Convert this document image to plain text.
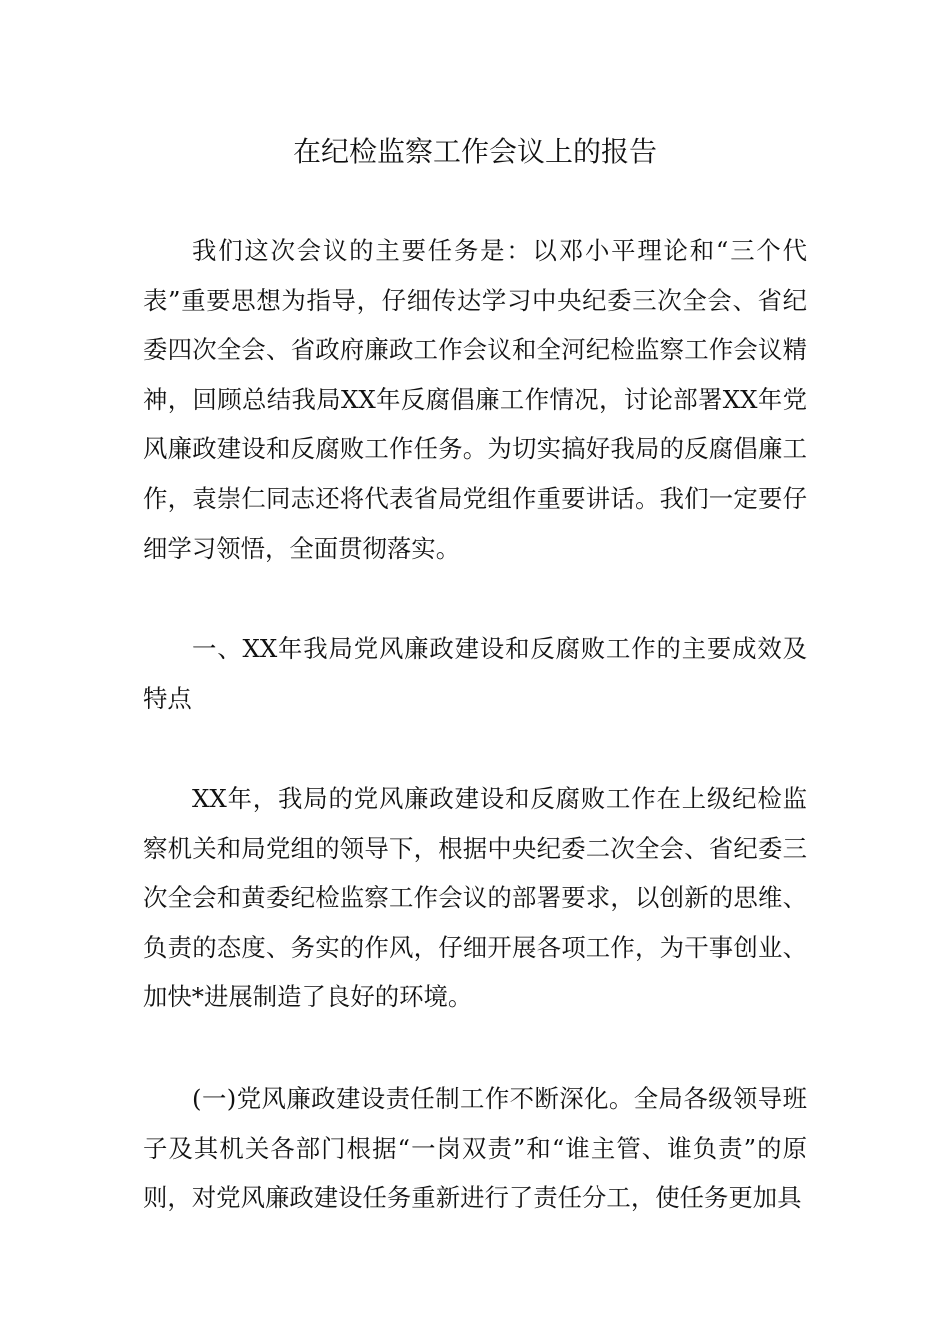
在纪检监察工作会议上的报告

我们这次会议的主要任务是：以邓小平理论和“三个代表”重要思想为指导，仔细传达学习中央纪委三次全会、省纪委四次全会、省政府廉政工作会议和全河纪检监察工作会议精神，回顾总结我局XX年反腐倡廉工作情况，讨论部署XX年党风廉政建设和反腐败工作任务。为切实搞好我局的反腐倡廉工作，袁崇仁同志还将代表省局党组作重要讲话。我们一定要仔细学习领悟，全面贯彻落实。

一、XX年我局党风廉政建设和反腐败工作的主要成效及特点

XX年，我局的党风廉政建设和反腐败工作在上级纪检监察机关和局党组的领导下，根据中央纪委二次全会、省纪委三次全会和黄委纪检监察工作会议的部署要求，以创新的思维、负责的态度、务实的作风，仔细开展各项工作，为干事创业、加快*进展制造了良好的环境。

(一)党风廉政建设责任制工作不断深化。全局各级领导班子及其机关各部门根据“一岗双责”和“谁主管、谁负责”的原则，对党风廉政建设任务重新进行了责任分工，使任务更加具
